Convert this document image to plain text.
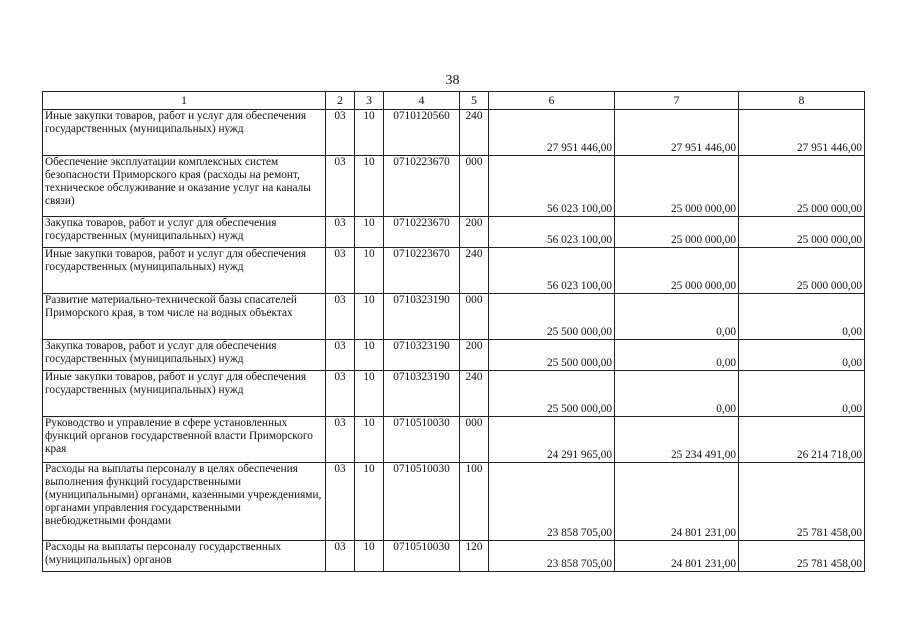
38
1	2	3	4	5	6	7	8
Иные закупки товаров, работ и услуг для обеспечения государственных (муниципальных) нужд	03	10	0710120560	240	27 951 446,00	27 951 446,00	27 951 446,00
Обеспечение эксплуатации комплексных систем безопасности Приморского края (расходы на ремонт, техническое обслуживание и оказание услуг на каналы связи)	03	10	0710223670	000	56 023 100,00	25 000 000,00	25 000 000,00
Закупка товаров, работ и услуг для обеспечения государственных (муниципальных) нужд	03	10	0710223670	200	56 023 100,00	25 000 000,00	25 000 000,00
Иные закупки товаров, работ и услуг для обеспечения государственных (муниципальных) нужд	03	10	0710223670	240	56 023 100,00	25 000 000,00	25 000 000,00
Развитие материально-технической базы спасателей Приморского края, в том числе на водных объектах	03	10	0710323190	000	25 500 000,00	0,00	0,00
Закупка товаров, работ и услуг для обеспечения государственных (муниципальных) нужд	03	10	0710323190	200	25 500 000,00	0,00	0,00
Иные закупки товаров, работ и услуг для обеспечения государственных (муниципальных) нужд	03	10	0710323190	240	25 500 000,00	0,00	0,00
Руководство и управление в сфере установленных функций органов государственной власти Приморского края	03	10	0710510030	000	24 291 965,00	25 234 491,00	26 214 718,00
Расходы на выплаты персоналу в целях обеспечения выполнения функций государственными (муниципальными) органами, казенными учреждениями, органами управления государственными внебюджетными фондами	03	10	0710510030	100	23 858 705,00	24 801 231,00	25 781 458,00
Расходы на выплаты персоналу государственных (муниципальных) органов	03	10	0710510030	120	23 858 705,00	24 801 231,00	25 781 458,00
